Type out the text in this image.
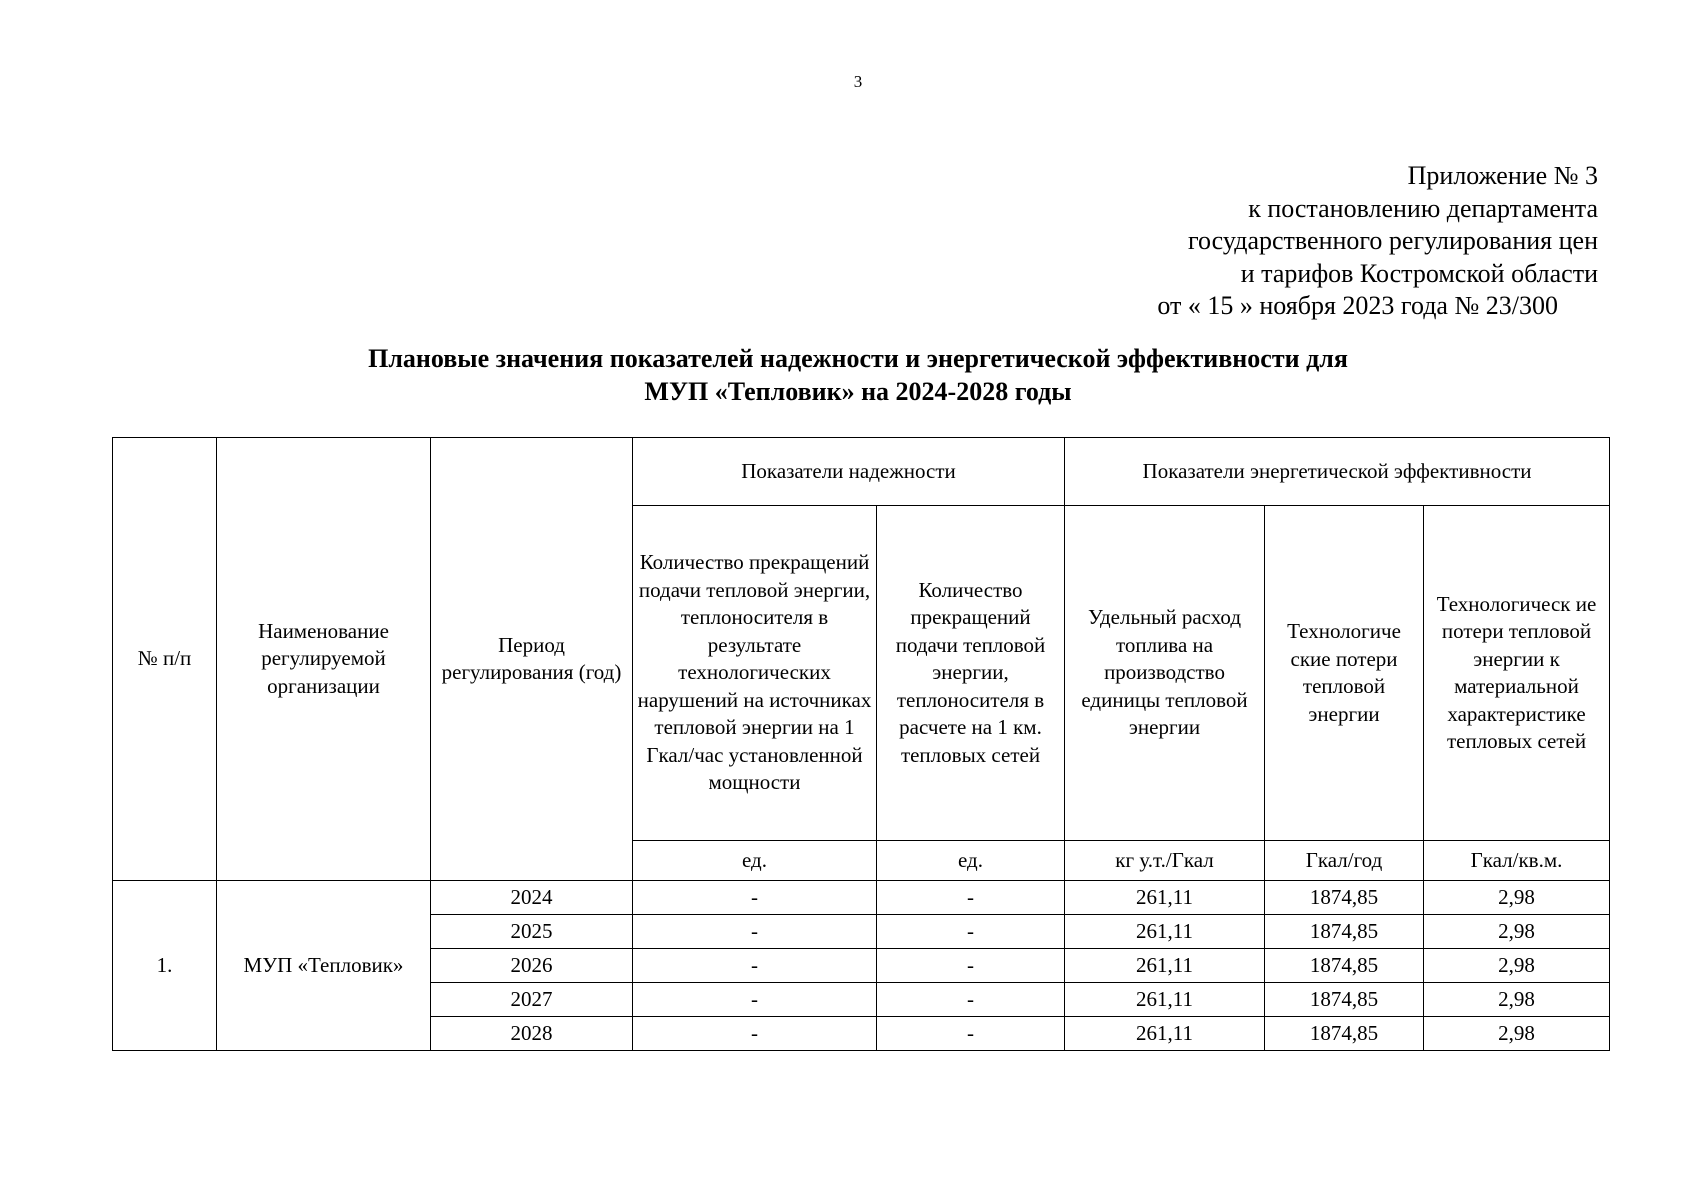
3
Приложение № 3
к постановлению департамента
государственного регулирования цен
и тарифов Костромской области
от « 15 » ноября 2023 года № 23/300
Плановые значения показателей надежности и энергетической эффективности для
МУП «Тепловик» на 2024-2028 годы
№ п/п	Наименование регулируемой организации	Период регулирования (год)	Показатели надежности		Показатели энергетической эффективности		
			Количество прекращений подачи тепловой энергии, теплоносителя в результате технологических нарушений на источниках тепловой энергии на 1 Гкал/час установленной мощности	Количество прекращений подачи тепловой энергии, теплоносителя в расчете на 1 км. тепловых сетей	Удельный расход топлива на производство единицы тепловой энергии	Технологиче ские потери тепловой энергии	Технологическ ие потери тепловой энергии к материальной характеристике тепловых сетей
			ед.	ед.	кг у.т./Гкал	Гкал/год	Гкал/кв.м.
1.	МУП «Тепловик»	2024	-	-	261,11	1874,85	2,98
		2025	-	-	261,11	1874,85	2,98
		2026	-	-	261,11	1874,85	2,98
		2027	-	-	261,11	1874,85	2,98
		2028	-	-	261,11	1874,85	2,98
